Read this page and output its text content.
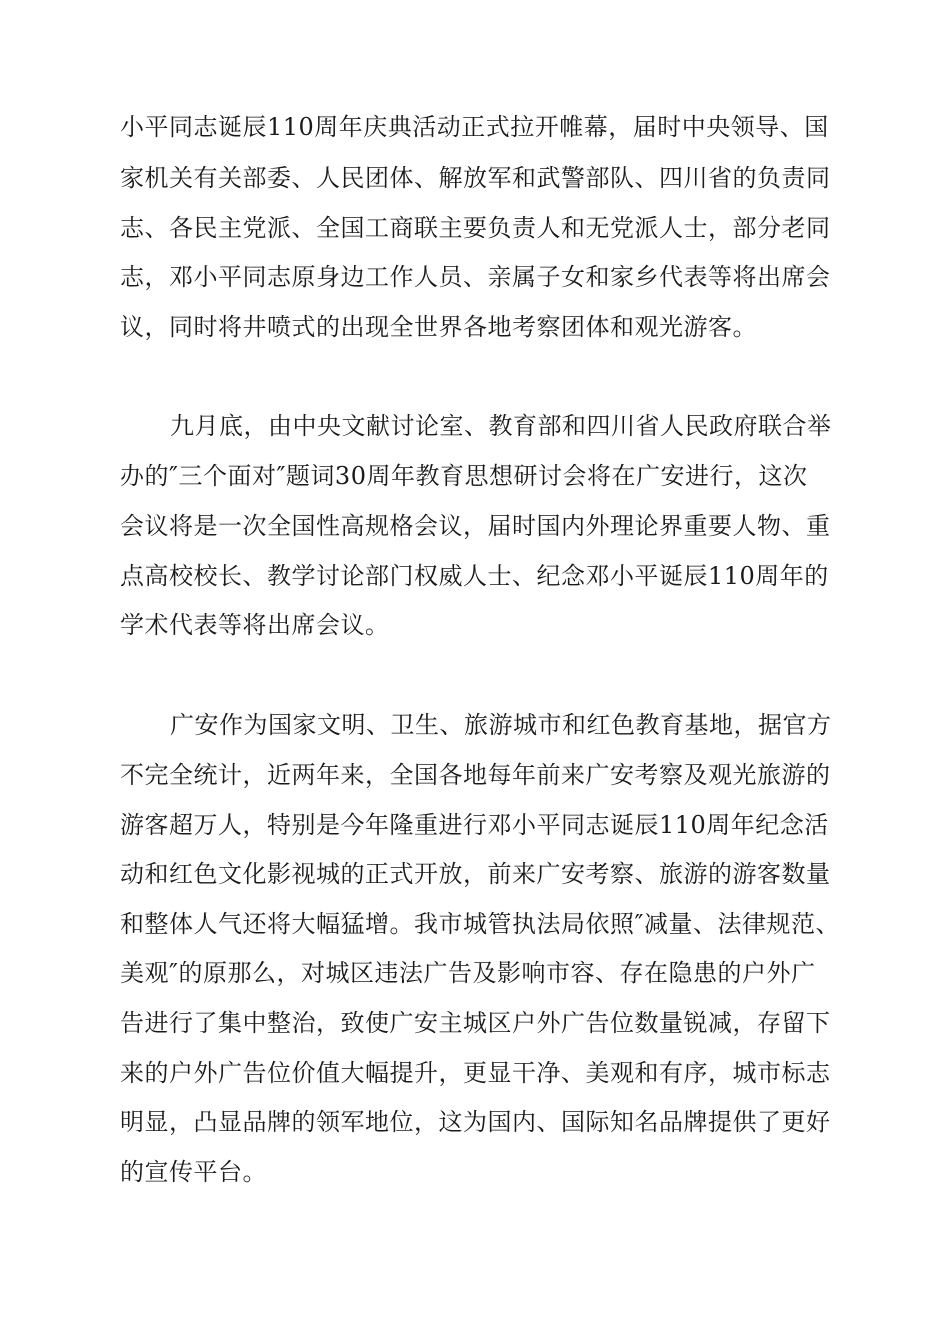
小平同志诞辰110周年庆典活动正式拉开帷幕，届时中央领导、国
家机关有关部委、人民团体、解放军和武警部队、四川省的负责同
志、各民主党派、全国工商联主要负责人和无党派人士，部分老同
志，邓小平同志原身边工作人员、亲属子女和家乡代表等将出席会
议，同时将井喷式的出现全世界各地考察团体和观光游客。
九月底，由中央文献讨论室、教育部和四川省人民政府联合举
办的″三个面对″题词30周年教育思想研讨会将在广安进行，这次
会议将是一次全国性高规格会议，届时国内外理论界重要人物、重
点高校校长、教学讨论部门权威人士、纪念邓小平诞辰110周年的
学术代表等将出席会议。
广安作为国家文明、卫生、旅游城市和红色教育基地，据官方
不完全统计，近两年来，全国各地每年前来广安考察及观光旅游的
游客超万人，特别是今年隆重进行邓小平同志诞辰110周年纪念活
动和红色文化影视城的正式开放，前来广安考察、旅游的游客数量
和整体人气还将大幅猛增。我市城管执法局依照″减量、法律规范、
美观″的原那么，对城区违法广告及影响市容、存在隐患的户外广
告进行了集中整治，致使广安主城区户外广告位数量锐减，存留下
来的户外广告位价值大幅提升，更显干净、美观和有序，城市标志
明显，凸显品牌的领军地位，这为国内、国际知名品牌提供了更好
的宣传平台。
